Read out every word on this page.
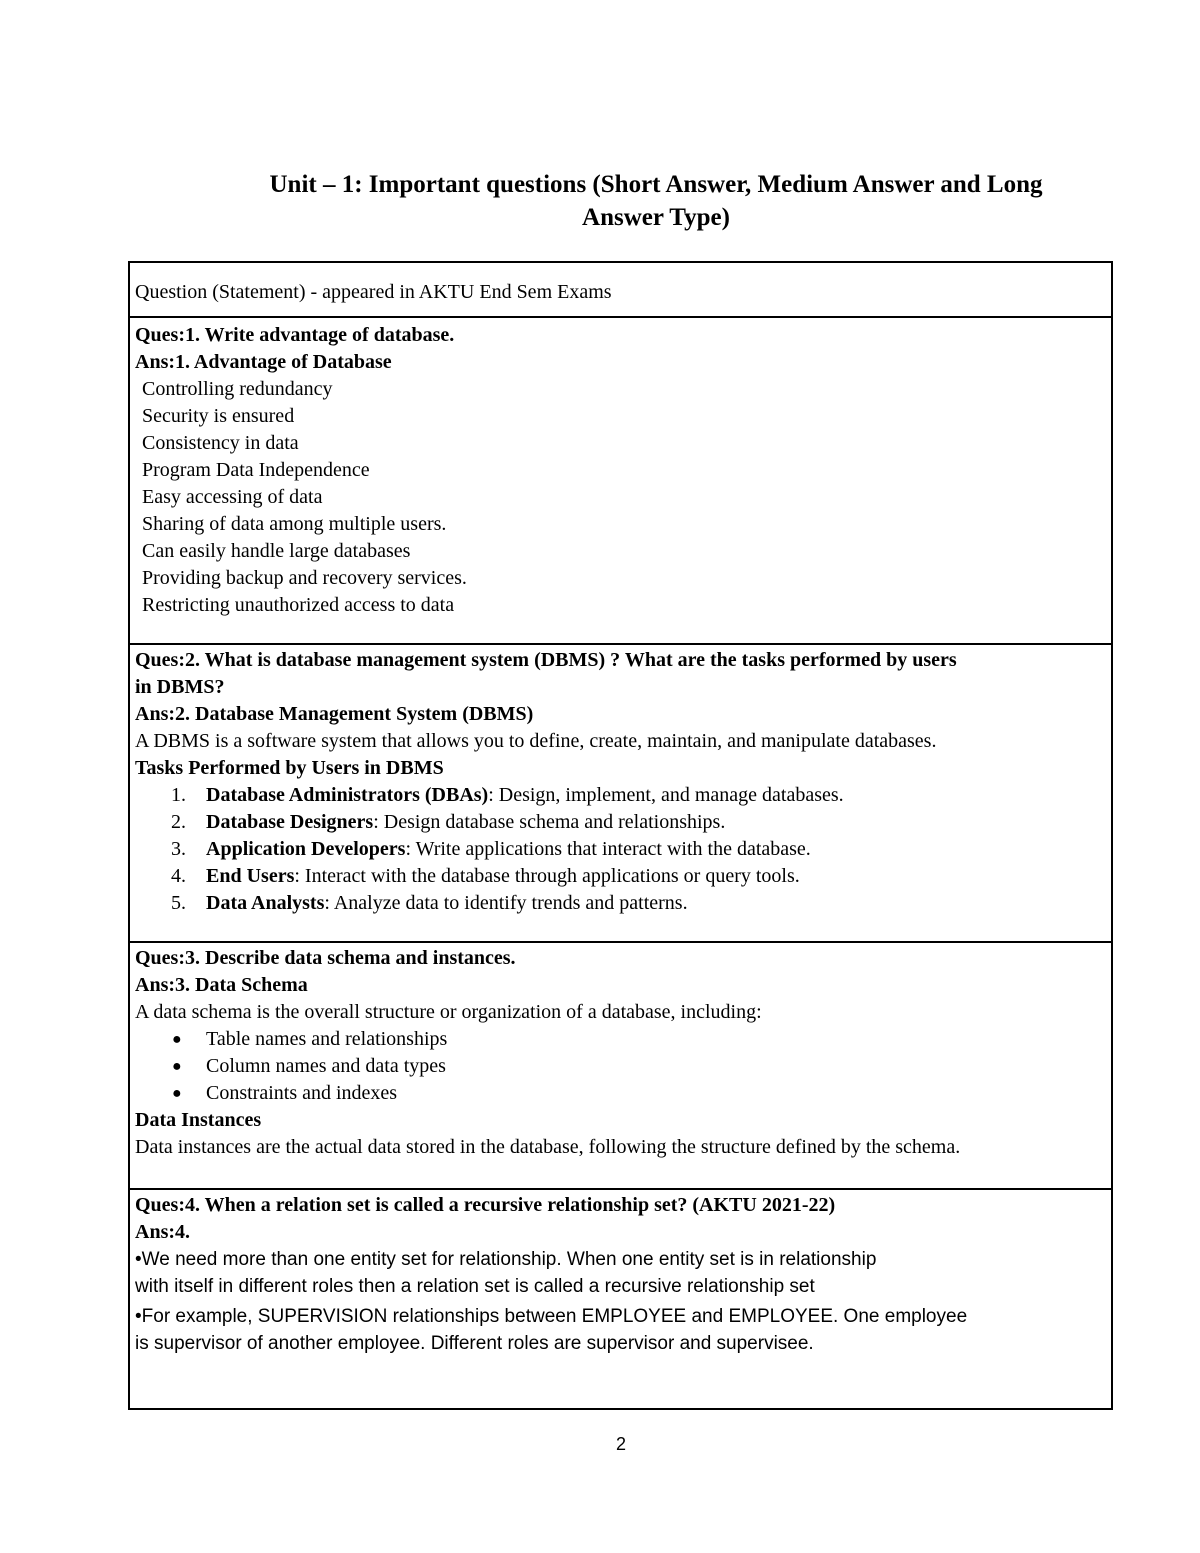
Unit – 1: Important questions (Short Answer, Medium Answer and Long Answer Type)
Question (Statement) - appeared in AKTU End Sem Exams
Ques:1. Write advantage of database.
Ans:1. Advantage of Database
Controlling redundancy
Security is ensured
Consistency in data
Program Data Independence
Easy accessing of data
Sharing of data among multiple users.
Can easily handle large databases
Providing backup and recovery services.
Restricting unauthorized access to data
Ques:2. What is database management system (DBMS) ? What are the tasks performed by users
in DBMS?
Ans:2. Database Management System (DBMS)
A DBMS is a software system that allows you to define, create, maintain, and manipulate databases.
Tasks Performed by Users in DBMS
1. Database Administrators (DBAs): Design, implement, and manage databases.
2. Database Designers: Design database schema and relationships.
3. Application Developers: Write applications that interact with the database.
4. End Users: Interact with the database through applications or query tools.
5. Data Analysts: Analyze data to identify trends and patterns.
Ques:3. Describe data schema and instances.
Ans:3. Data Schema
A data schema is the overall structure or organization of a database, including:
● Table names and relationships
● Column names and data types
● Constraints and indexes
Data Instances
Data instances are the actual data stored in the database, following the structure defined by the schema.
Ques:4. When a relation set is called a recursive relationship set? (AKTU 2021-22)
Ans:4.
•We need more than one entity set for relationship. When one entity set is in relationship
with itself in different roles then a relation set is called a recursive relationship set
•For example, SUPERVISION relationships between EMPLOYEE and EMPLOYEE. One employee
is supervisor of another employee. Different roles are supervisor and supervisee.
2
